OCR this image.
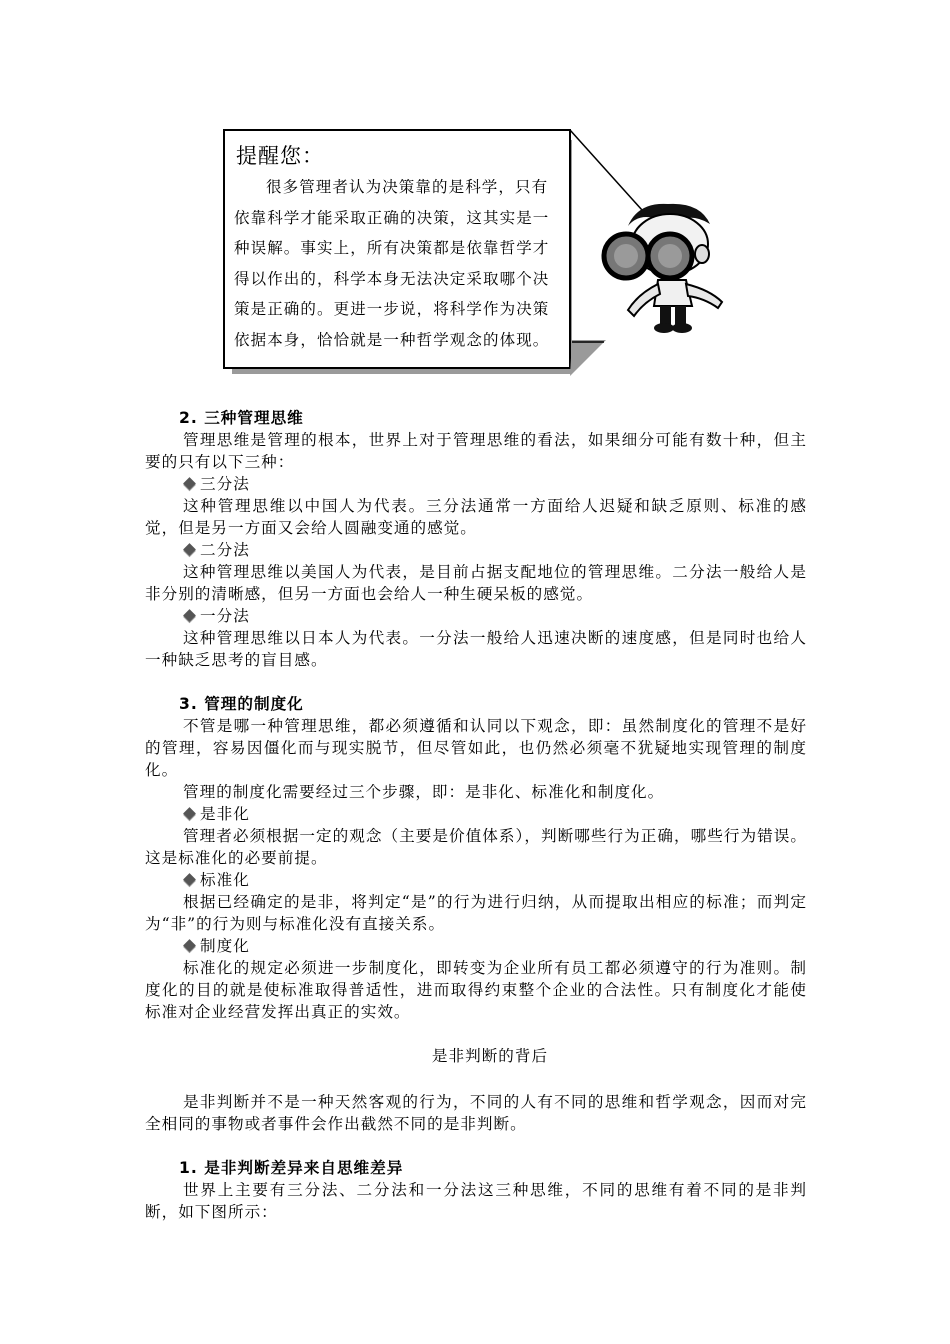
提醒您：
很多管理者认为决策靠的是科学，只有依靠科学才能采取正确的决策，这其实是一种误解。事实上，所有决策都是依靠哲学才得以作出的，科学本身无法决定采取哪个决策是正确的。更进一步说，将科学作为决策依据本身，恰恰就是一种哲学观念的体现。

2. 三种管理思维

管理思维是管理的根本，世界上对于管理思维的看法，如果细分可能有数十种，但主要的只有以下三种：

三分法

这种管理思维以中国人为代表。三分法通常一方面给人迟疑和缺乏原则、标准的感觉，但是另一方面又会给人圆融变通的感觉。

二分法

这种管理思维以美国人为代表，是目前占据支配地位的管理思维。二分法一般给人是非分别的清晰感，但另一方面也会给人一种生硬呆板的感觉。

一分法

这种管理思维以日本人为代表。一分法一般给人迅速决断的速度感，但是同时也给人一种缺乏思考的盲目感。

3. 管理的制度化

不管是哪一种管理思维，都必须遵循和认同以下观念，即：虽然制度化的管理不是好的管理，容易因僵化而与现实脱节，但尽管如此，也仍然必须毫不犹疑地实现管理的制度化。

管理的制度化需要经过三个步骤，即：是非化、标准化和制度化。

是非化

管理者必须根据一定的观念（主要是价值体系），判断哪些行为正确，哪些行为错误。这是标准化的必要前提。

标准化

根据已经确定的是非，将判定“是”的行为进行归纳，从而提取出相应的标准；而判定为“非”的行为则与标准化没有直接关系。

制度化

标准化的规定必须进一步制度化，即转变为企业所有员工都必须遵守的行为准则。制度化的目的就是使标准取得普适性，进而取得约束整个企业的合法性。只有制度化才能使标准对企业经营发挥出真正的实效。

是非判断的背后

是非判断并不是一种天然客观的行为，不同的人有不同的思维和哲学观念，因而对完全相同的事物或者事件会作出截然不同的是非判断。

1. 是非判断差异来自思维差异

世界上主要有三分法、二分法和一分法这三种思维，不同的思维有着不同的是非判断，如下图所示：
